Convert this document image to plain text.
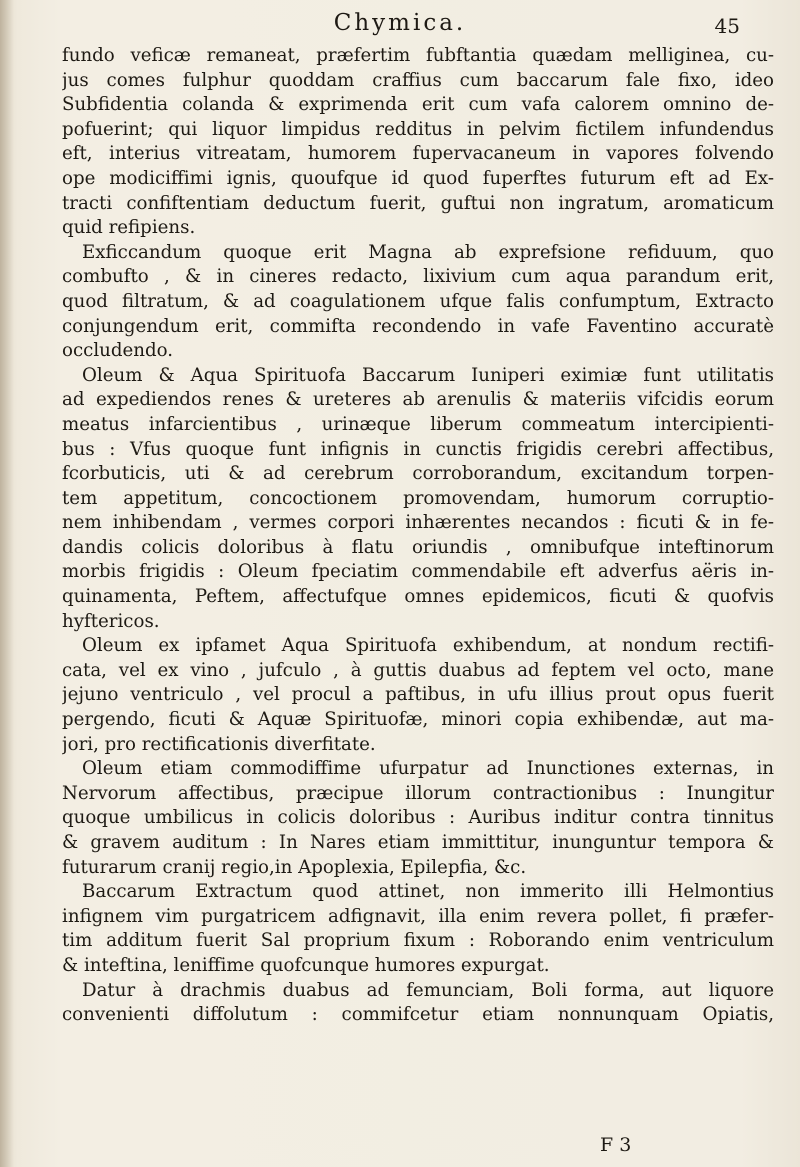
Chymica.	45
fundo veficæ remaneat, præfertim fubftantia quædam melliginea, cu-
jus comes fulphur quoddam craffius cum baccarum fale fixo, ideo
Subfidentia colanda & exprimenda erit cum vafa calorem omnino de-
pofuerint; qui liquor limpidus redditus in pelvim fictilem infundendus
eft, interius vitreatam, humorem fupervacaneum in vapores folvendo
ope modiciffimi ignis, quoufque id quod fuperftes futurum eft ad Ex-
tracti confiftentiam deductum fuerit, guftui non ingratum, aromaticum
quid refipiens.
Exficcandum quoque erit Magna ab exprefsione refiduum, quo
combufto , & in cineres redacto, lixivium cum aqua parandum erit,
quod filtratum, & ad coagulationem ufque falis confumptum, Extracto
conjungendum erit, commifta recondendo in vafe Faventino accuratè
occludendo.
Oleum & Aqua Spirituofa Baccarum Iuniperi eximiæ funt utilitatis
ad expediendos renes & ureteres ab arenulis & materiis vifcidis eorum
meatus infarcientibus , urinæque liberum commeatum intercipienti-
bus : Vfus quoque funt infignis in cunctis frigidis cerebri affectibus,
fcorbuticis, uti & ad cerebrum corroborandum, excitandum torpen-
tem appetitum, concoctionem promovendam, humorum corruptio-
nem inhibendam , vermes corpori inhærentes necandos : ficuti & in fe-
dandis colicis doloribus à flatu oriundis , omnibufque inteftinorum
morbis frigidis : Oleum fpeciatim commendabile eft adverfus aëris in-
quinamenta, Peftem, affectufque omnes epidemicos, ficuti & quofvis
hyftericos.
Oleum ex ipfamet Aqua Spirituofa exhibendum, at nondum rectifi-
cata, vel ex vino , jufculo , à guttis duabus ad feptem vel octo, mane
jejuno ventriculo , vel procul a paftibus, in ufu illius prout opus fuerit
pergendo, ficuti & Aquæ Spirituofæ, minori copia exhibendæ, aut ma-
jori, pro rectificationis diverfitate.
Oleum etiam commodiffime ufurpatur ad Inunctiones externas, in
Nervorum affectibus, præcipue illorum contractionibus : Inungitur
quoque umbilicus in colicis doloribus : Auribus inditur contra tinnitus
& gravem auditum : In Nares etiam immittitur, inunguntur tempora &
futurarum cranij regio,in Apoplexia, Epilepfia, &c.
Baccarum Extractum quod attinet, non immerito illi Helmontius
infignem vim purgatricem adfignavit, illa enim revera pollet, fi præfer-
tim additum fuerit Sal proprium fixum : Roborando enim ventriculum
& inteftina, leniffime quofcunque humores expurgat.
Datur à drachmis duabus ad femunciam, Boli forma, aut liquore
convenienti diffolutum : commifcetur etiam nonnunquam Opiatis,
F 3
